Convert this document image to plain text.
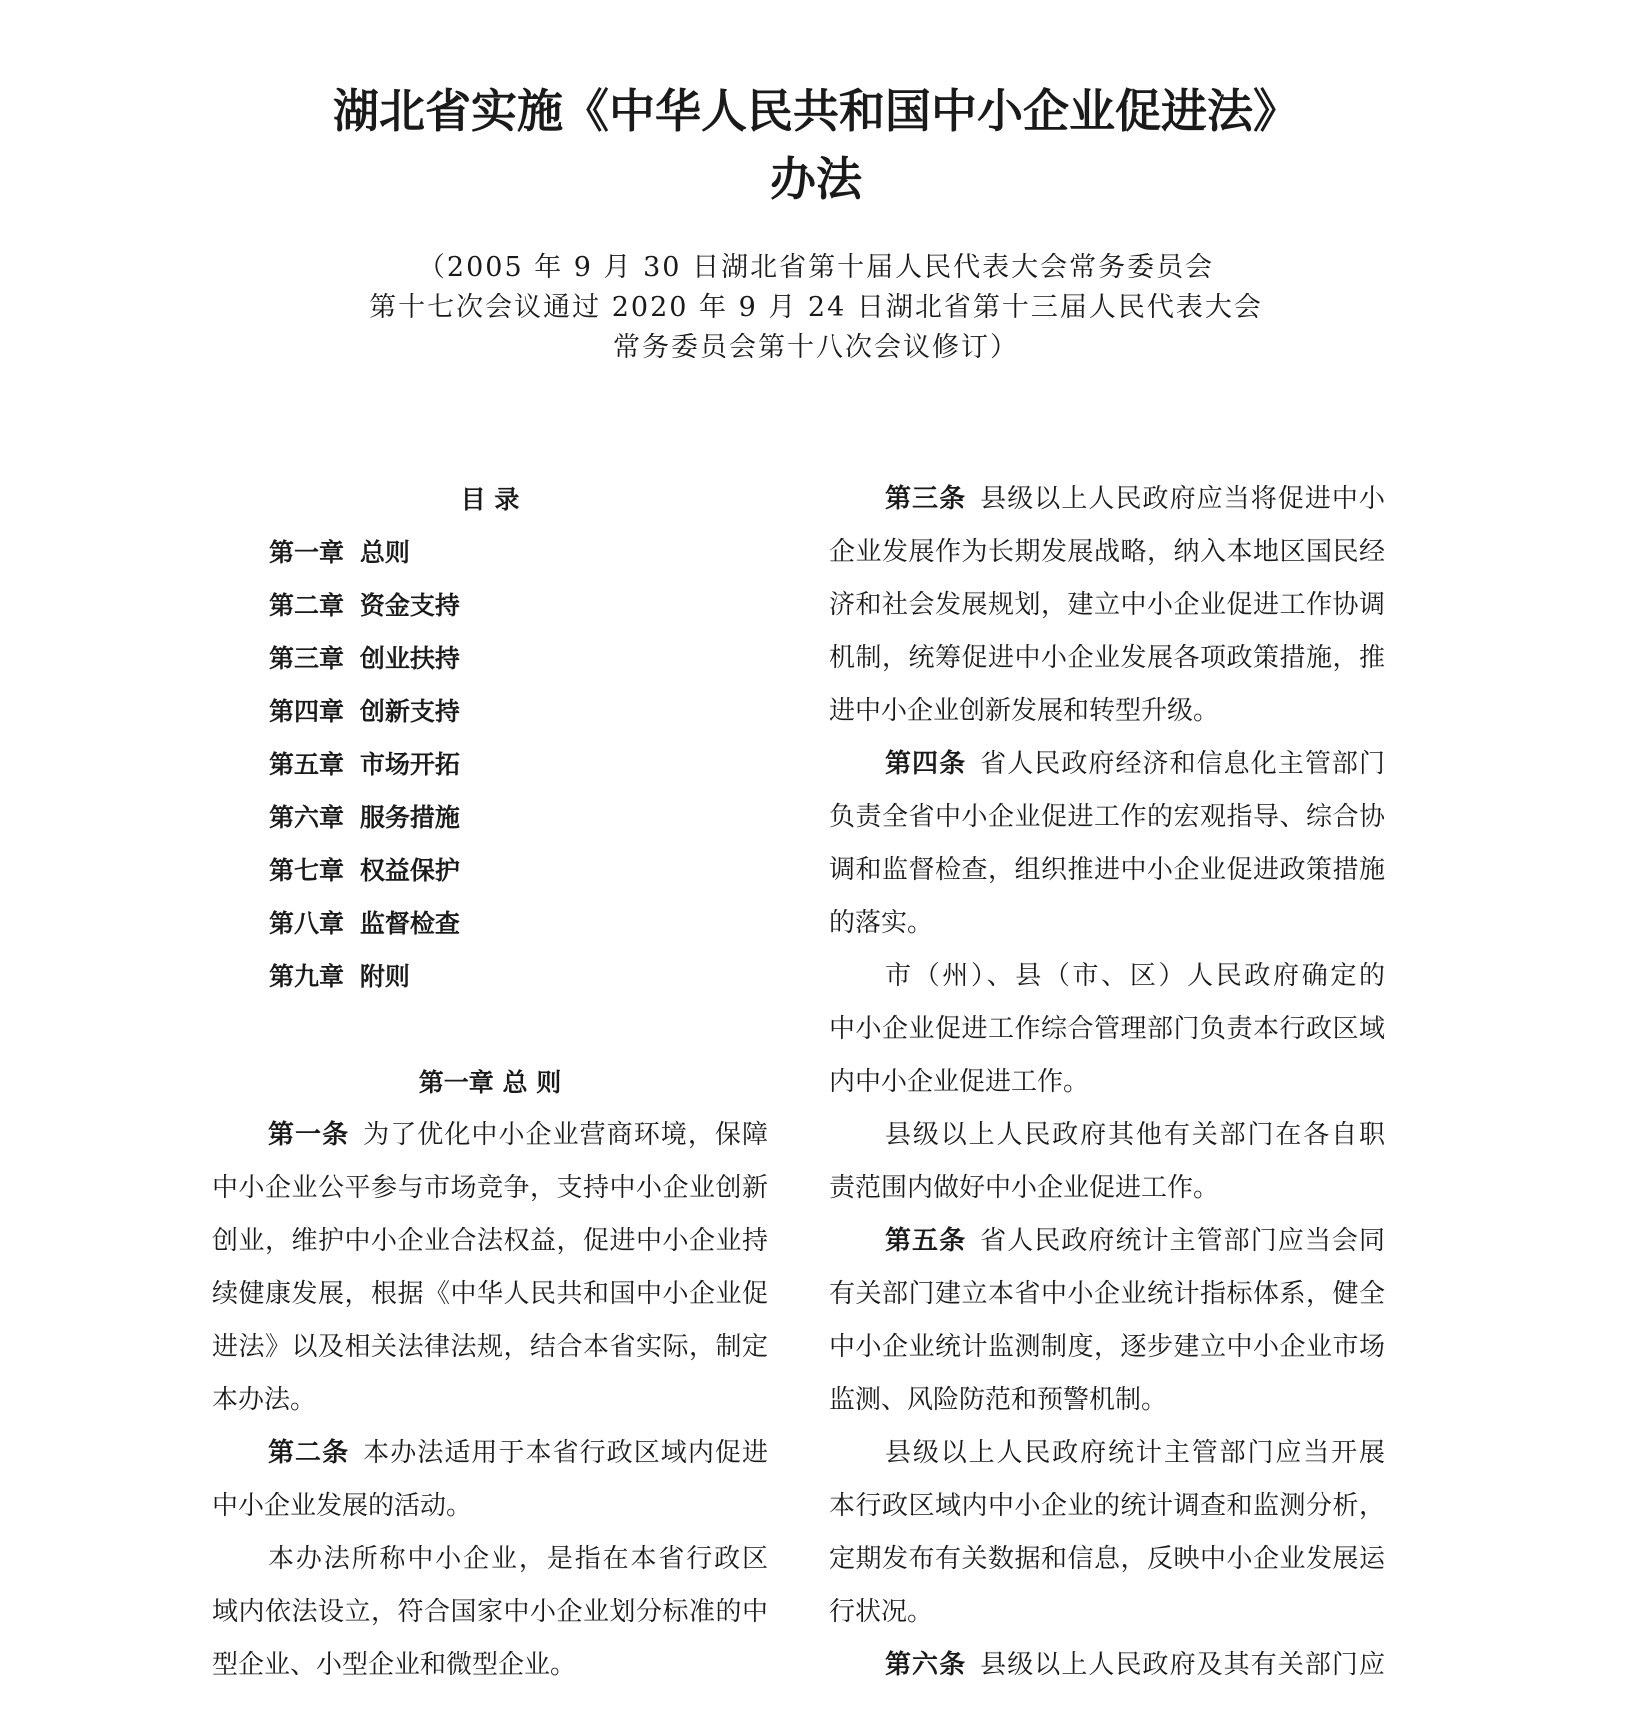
湖北省实施《中华人民共和国中小企业促进法》
办法

（2005 年 9 月 30 日湖北省第十届人民代表大会常务委员会

第十七次会议通过 2020 年 9 月 24 日湖北省第十三届人民代表大会

常务委员会第十八次会议修订）

目 录
第一章 总则
第二章 资金支持
第三章 创业扶持
第四章 创新支持
第五章 市场开拓
第六章 服务措施
第七章 权益保护
第八章 监督检查
第九章 附则
第一章 总 则
第一条 为了优化中小企业营商环境，保障
中小企业公平参与市场竞争，支持中小企业创新
创业，维护中小企业合法权益，促进中小企业持
续健康发展，根据《中华人民共和国中小企业促
进法》以及相关法律法规，结合本省实际，制定
本办法。
第二条 本办法适用于本省行政区域内促进
中小企业发展的活动。
本办法所称中小企业，是指在本省行政区
域内依法设立，符合国家中小企业划分标准的中
型企业、小型企业和微型企业。
第三条 县级以上人民政府应当将促进中小
企业发展作为长期发展战略，纳入本地区国民经
济和社会发展规划，建立中小企业促进工作协调
机制，统筹促进中小企业发展各项政策措施，推
进中小企业创新发展和转型升级。
第四条 省人民政府经济和信息化主管部门
负责全省中小企业促进工作的宏观指导、综合协
调和监督检查，组织推进中小企业促进政策措施
的落实。
市（州）、县（市、区）人民政府确定的
中小企业促进工作综合管理部门负责本行政区域
内中小企业促进工作。
县级以上人民政府其他有关部门在各自职
责范围内做好中小企业促进工作。
第五条 省人民政府统计主管部门应当会同
有关部门建立本省中小企业统计指标体系，健全
中小企业统计监测制度，逐步建立中小企业市场
监测、风险防范和预警机制。
县级以上人民政府统计主管部门应当开展
本行政区域内中小企业的统计调查和监测分析，
定期发布有关数据和信息，反映中小企业发展运
行状况。
第六条 县级以上人民政府及其有关部门应
